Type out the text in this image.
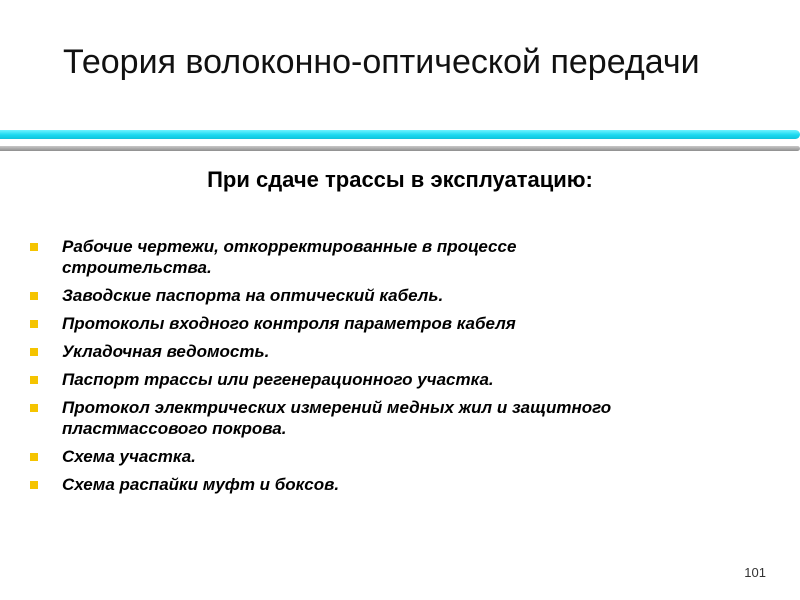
Теория волоконно-оптической передачи
При сдаче трассы в эксплуатацию:
Рабочие чертежи, откорректированные в процессе
строительства.
Заводские паспорта на оптический кабель.
Протоколы входного контроля параметров кабеля
Укладочная ведомость.
Паспорт трассы или регенерационного участка.
Протокол электрических измерений медных жил и защитного
пластмассового покрова.
Схема участка.
Схема распайки муфт и боксов.
101
